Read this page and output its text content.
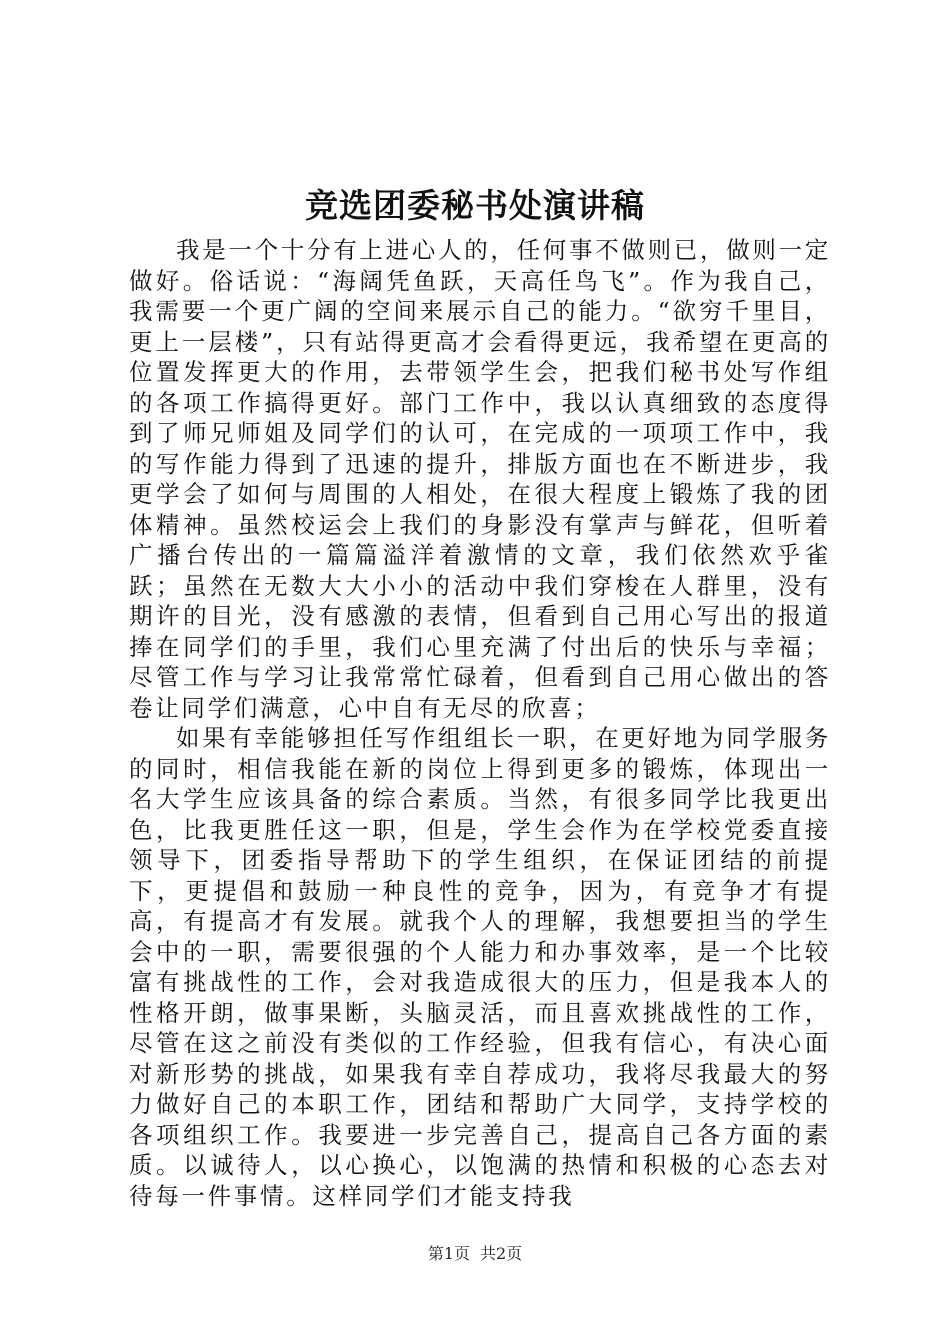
竞选团委秘书处演讲稿

我是一个十分有上进心人的，任何事不做则已，做则一定做好。俗话说：“海阔凭鱼跃，天高任鸟飞”。作为我自己，我需要一个更广阔的空间来展示自己的能力。“欲穷千里目，更上一层楼”，只有站得更高才会看得更远，我希望在更高的位置发挥更大的作用，去带领学生会，把我们秘书处写作组的各项工作搞得更好。部门工作中，我以认真细致的态度得到了师兄师姐及同学们的认可，在完成的一项项工作中，我的写作能力得到了迅速的提升，排版方面也在不断进步，我更学会了如何与周围的人相处，在很大程度上锻炼了我的团体精神。虽然校运会上我们的身影没有掌声与鲜花，但听着广播台传出的一篇篇溢洋着激情的文章，我们依然欢乎雀跃；虽然在无数大大小小的活动中我们穿梭在人群里，没有期许的目光，没有感激的表情，但看到自己用心写出的报道捧在同学们的手里，我们心里充满了付出后的快乐与幸福；尽管工作与学习让我常常忙碌着，但看到自己用心做出的答卷让同学们满意，心中自有无尽的欣喜；

如果有幸能够担任写作组组长一职，在更好地为同学服务的同时，相信我能在新的岗位上得到更多的锻炼，体现出一名大学生应该具备的综合素质。当然，有很多同学比我更出色，比我更胜任这一职，但是，学生会作为在学校党委直接领导下，团委指导帮助下的学生组织，在保证团结的前提下，更提倡和鼓励一种良性的竞争，因为，有竞争才有提高，有提高才有发展。就我个人的理解，我想要担当的学生会中的一职，需要很强的个人能力和办事效率，是一个比较富有挑战性的工作，会对我造成很大的压力，但是我本人的性格开朗，做事果断，头脑灵活，而且喜欢挑战性的工作，尽管在这之前没有类似的工作经验，但我有信心，有决心面对新形势的挑战，如果我有幸自荐成功，我将尽我最大的努力做好自己的本职工作，团结和帮助广大同学，支持学校的各项组织工作。我要进一步完善自己，提高自己各方面的素质。以诚待人，以心换心，以饱满的热情和积极的心态去对待每一件事情。这样同学们才能支持我

第1页 共2页
